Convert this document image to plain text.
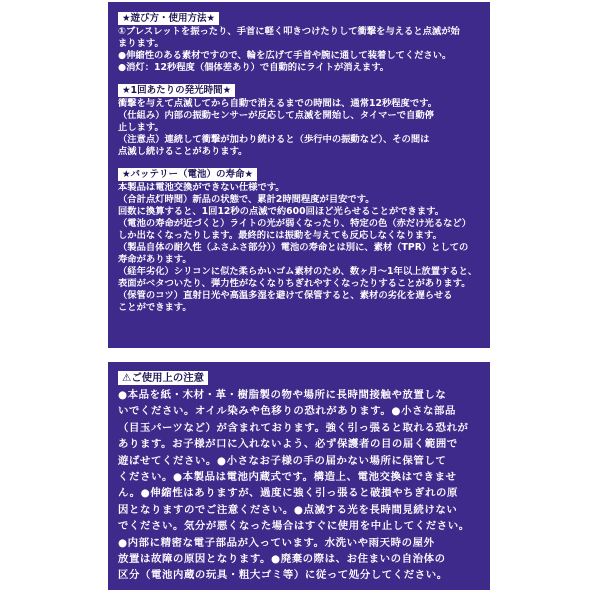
★遊び方・使用方法★
①ブレスレットを振ったり、手首に軽く叩きつけたりして衝撃を与えると点滅が始
まります。
●伸縮性のある素材ですので、輪を広げて手首や腕に通して装着してください。
●消灯：12秒程度（個体差あり）で自動的にライトが消えます。
★1回あたりの発光時間★
衝撃を与えて点滅してから自動で消えるまでの時間は、通常12秒程度です。
（仕組み）内部の振動センサーが反応して点滅を開始し、タイマーで自動停
止します。
（注意点）連続して衝撃が加わり続けると（歩行中の振動など）、その間は
点滅し続けることがあります。
★バッテリー（電池）の寿命★
本製品は電池交換ができない仕様です。
（合計点灯時間）新品の状態で、累計2時間程度が目安です。
回数に換算すると、1回12秒の点滅で約600回ほど光らせることができます。
（電池の寿命が近づくと）ライトの光が弱くなったり、特定の色（赤だけ光るなど）
しか出なくなったりします。最終的には振動を与えても反応しなくなります。
（製品自体の耐久性（ふさふさ部分））電池の寿命とは別に、素材（TPR）としての
寿命があります。
（経年劣化）シリコンに似た柔らかいゴム素材のため、数ヶ月〜1年以上放置すると、
表面がベタついたり、弾力性がなくなりちぎれやすくなったりすることがあります。
（保管のコツ）直射日光や高温多湿を避けて保管すると、素材の劣化を遅らせる
ことができます。
⚠ご使用上の注意
●本品を紙・木材・革・樹脂製の物や場所に長時間接触や放置しな
いでください。オイル染みや色移りの恐れがあります。●小さな部品
（目玉パーツなど）が含まれております。強く引っ張ると取れる恐れが
あります。お子様が口に入れないよう、必ず保護者の目の届く範囲で
遊ばせてください。●小さなお子様の手の届かない場所に保管して
ください。●本製品は電池内蔵式です。構造上、電池交換はできませ
ん。●伸縮性はありますが、過度に強く引っ張ると破損やちぎれの原
因となりますのでご注意ください。●点滅する光を長時間見続けない
でください。気分が悪くなった場合はすぐに使用を中止してください。
●内部に精密な電子部品が入っています。水洗いや雨天時の屋外
放置は故障の原因となります。●廃棄の際は、お住まいの自治体の
区分（電池内蔵の玩具・粗大ゴミ等）に従って処分してください。
